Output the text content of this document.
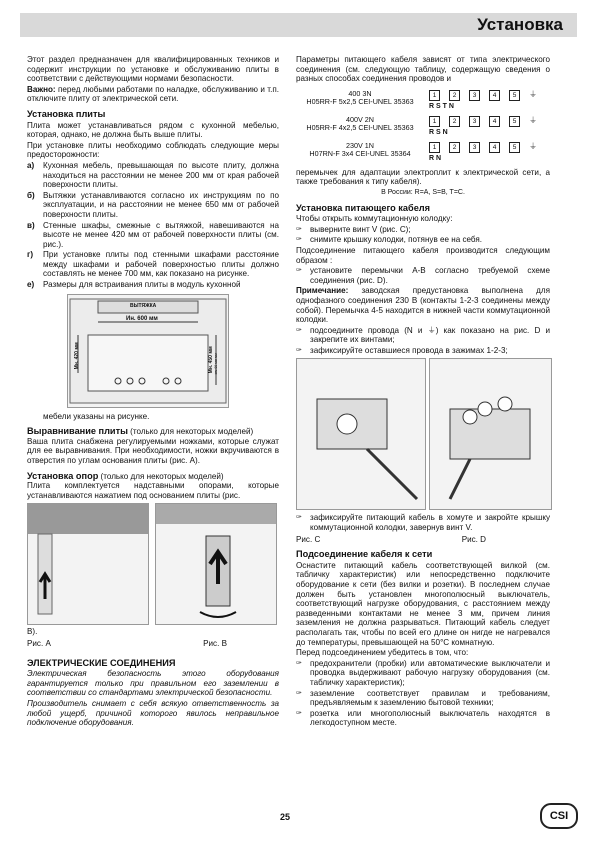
Установка

Этот раздел предназначен для квалифицированных техников и содержит инструкции по установке и обслуживанию плиты в соответствии с действующими нормами безопасности.

Важно: перед любыми работами по наладке, обслуживанию и т.п. отключите плиту от электрической сети.

Установка плиты

Плита может устанавливаться рядом с кухонной мебелью, которая, однако, не должна быть выше плиты.

При установке плиты необходимо соблюдать следующие меры предосторожности:

а)	Кухонная мебель, превышающая по высоте плиту, должна находиться на расстоянии не менее 200 мм от края рабочей поверхности плиты.
б)	Вытяжки устанавливаются согласно их инструкциям по по эксплуатации, и на расстоянии не менее 650 мм от рабочей поверхности плиты.
в)	Стенные шкафы, смежные с вытяжкой, навешиваются на высоте не менее 420 мм от рабочей поверхности плиты (см. рис.).
г)	При установке плиты под стенными шкафами расстояние между шкафами и рабочей поверхностью плиты должно составлять не менее 700 мм, как показано на рисунке.
е)	Размеры для встраивания плиты в модуль кухонной
ВЫТЯЖКА
Ин. 600 мм
Мн. 420 мм	Мн. 450 мм мм 00 мм мм

мебели указаны на рисунке.

Выравнивание плиты (только для некоторых моделей)

Ваша плита снабжена регулируемыми ножками, которые служат для ее выравнивания. При необходимости, ножки вкручиваются в отверстия по углам основания плиты (рис. А).

Установка опор (только для некоторых моделей)

Плита комплектуется надставными опорами, которые устанавливаются нажатием под основанием плиты (рис.

B).

Рис. А	Рис. В
ЭЛЕКТРИЧЕСКИЕ СОЕДИНЕНИЯ

Электрическая безопасность этого оборудования гарантируется только при правильном его заземлении в соответствии со стандартами электрической безопасности.

Производитель снимает с себя всякую ответственность за любой ущерб, причиной которого явилось неправильное подключение оборудования.

Параметры питающего кабеля зависят от типа электрического соединения (см. следующую таблицу, содержащую сведения о разных способах соединения проводов и

400 3N
H05RR-F 5x2,5 CEI-UNEL 35363
1	2	3	4	5 ⏚
R S T N
400V 2N
H05RR-F 4x2,5 CEI-UNEL 35363
1	2	3	4	5 ⏚
R S N
230V 1N
H07RN-F 3x4 CEI-UNEL 35364
1	2	3	4	5 ⏚
R N

перемычек для адаптации электроплит к электрической сети, а также требования к типу кабеля).

В России: R=A, S=B, T=C.

Установка питающего кабеля

Чтобы открыть коммутационную колодку:

✑	выверните винт V (рис. C);
✑	снимите крышку колодки, потянув ее на себя.

Подсоединение питающего кабеля производится следующим образом :

✑	установите перемычки A-B согласно требуемой схеме соединения (рис. D).

Примечание: заводская предустановка выполнена для однофазного соединения 230 В (контакты 1-2-3 соединены между собой). Перемычка 4-5 находится в нижней части коммутационной колодки.

✑	подсоедините провода (N и ⏚) как показано на рис. D и закрепите их винтами;
✑	зафиксируйте оставшиеся провода в зажимах 1-2-3;
✑	зафиксируйте питающий кабель в хомуте и закройте крышку коммутационной колодки, завернув винт V.
Рис. C	Рис. D
Подсоединение кабеля к сети

Оснастите питающий кабель соответствующей вилкой (см. табличку характеристик) или непосредственно подключите оборудование к сети (без вилки и розетки). В последнем случае должен быть установлен многополюсный выключатель, соответствующий нагрузке оборудования, с расстоянием между разведенными контактами не менее 3 мм, причем линия заземления не должна разрываться. Питающий кабель следует располагать так, чтобы по всей его длине он нигде не нагревался до температуры, превышающей на 50°C комнатную.

Перед подсоединением убедитесь в том, что:

✑	предохранители (пробки) или автоматические выключатели и проводка выдерживают рабочую нагрузку оборудования (см. табличку характеристик);
✑	заземление соответствует правилам и требованиям, предъявляемым к заземлению бытовой техники;
✑	розетка или многополюсный выключатель находятся в легкодоступном месте.
25	CSI
